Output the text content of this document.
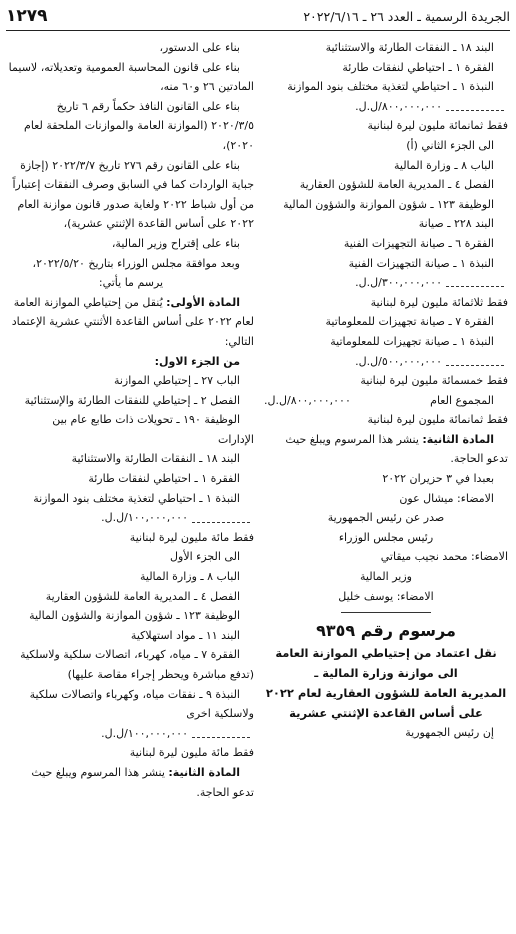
الجريدة الرسمية ـ العدد ٢٦ ـ ٢٠٢٢/٦/١٦
١٢٧٩
البند ١٨ ـ النفقات الطارئة والاستثنائية
الفقرة ١ ـ احتياطي لنفقات طارئة
النبذة ١ ـ احتياطي لتغذية مختلف بنود الموازنة
٨٠٠,٠٠٠,٠٠٠
/ل.ل.
فقط ثمانمائة مليون ليرة لبنانية
الى الجزء الثاني (أ)
الباب ٨ ـ وزارة المالية
الفصل ٤ ـ المديرية العامة للشؤون العقارية
الوظيفة ١٢٣ ـ شؤون الموازنة والشؤون المالية
البند ٢٢٨ ـ صيانة
الفقرة ٦ ـ صيانة التجهيزات الفنية
النبذة ١ ـ صيانة التجهيزات الفنية
٣٠٠,٠٠٠,٠٠٠
/ل.ل.
فقط ثلاثمائة مليون ليرة لبنانية
الفقرة ٧ ـ صيانة تجهيزات للمعلوماتية
النبذة ١ ـ صيانة تجهيزات للمعلوماتية
٥٠٠,٠٠٠,٠٠٠
/ل.ل.
فقط خمسمائة مليون ليرة لبنانية
المجموع العام
٨٠٠,٠٠٠,٠٠٠
/ل.ل.
فقط ثمانمائة مليون ليرة لبنانية
المادة الثانية: ينشر هذا المرسوم ويبلغ حيث
تدعو الحاجة.
بعبدا في ٣ حزيران ٢٠٢٢
الامضاء: ميشال عون
صدر عن رئيس الجمهورية
رئيس مجلس الوزراء
الامضاء: محمد نجيب ميقاتي
وزير المالية
الامضاء: يوسف خليل
مرسوم رقم ٩٣٥٩
نقل اعتماد من إحتياطي الموازنة العامة
الى موازنة وزارة المالية ـ
المديرية العامة للشؤون العقارية لعام ٢٠٢٢
على أساس القاعدة الإثنتي عشرية
إن رئيس الجمهورية
بناء على الدستور،
بناء على قانون المحاسبة العمومية وتعديلاته، لاسيما
المادتين ٢٦ و٦٠ منه،
بناء على القانون النافذ حكماً رقم ٦ تاريخ
٢٠٢٠/٣/٥ (الموازنة العامة والموازنات الملحقة لعام
٢٠٢٠)،
بناء على القانون رقم ٢٧٦ تاريخ ٢٠٢٢/٣/٧ (إجازة
جباية الواردات كما في السابق وصرف النفقات إعتباراً
من أول شباط ٢٠٢٢ ولغاية صدور قانون موازنة العام
٢٠٢٢ على أساس القاعدة الإثنتي عشرية)،
بناء على إقتراح وزير المالية،
وبعد موافقة مجلس الوزراء بتاريخ ٢٠٢٢/٥/٢٠،
يرسم ما يأتي:
المادة الأولى: يُنقل من إحتياطي الموازنة العامة
لعام ٢٠٢٢ على أساس القاعدة الأثنتي عشرية الإعتماد
التالي:
من الجزء الاول:
الباب ٢٧ ـ إحتياطي الموازنة
الفصل ٢ ـ إحتياطي للنفقات الطارئة والإستثنائية
الوظيفة ١٩٠ ـ تحويلات ذات طابع عام بين
الإدارات
البند ١٨ ـ النفقات الطارئة والاستثنائية
الفقرة ١ ـ احتياطي لنفقات طارئة
النبذة ١ ـ احتياطي لتغذية مختلف بنود الموازنة
١٠٠,٠٠٠,٠٠٠
/ل.ل.
فقط مائة مليون ليرة لبنانية
الى الجزء الأول
الباب ٨ ـ وزارة المالية
الفصل ٤ ـ المديرية العامة للشؤون العقارية
الوظيفة ١٢٣ ـ شؤون الموازنة والشؤون المالية
البند ١١ ـ مواد استهلاكية
الفقرة ٧ ـ مياه، كهرباء، اتصالات سلكية ولاسلكية
(تدفع مباشرة ويحظر إجراء مقاصة عليها)
النبذة ٩ ـ نفقات مياه، وكهرباء واتصالات سلكية
ولاسلكية اخرى
١٠٠,٠٠٠,٠٠٠
/ل.ل.
فقط مائة مليون ليرة لبنانية
المادة الثانية: ينشر هذا المرسوم ويبلغ حيث
تدعو الحاجة.
